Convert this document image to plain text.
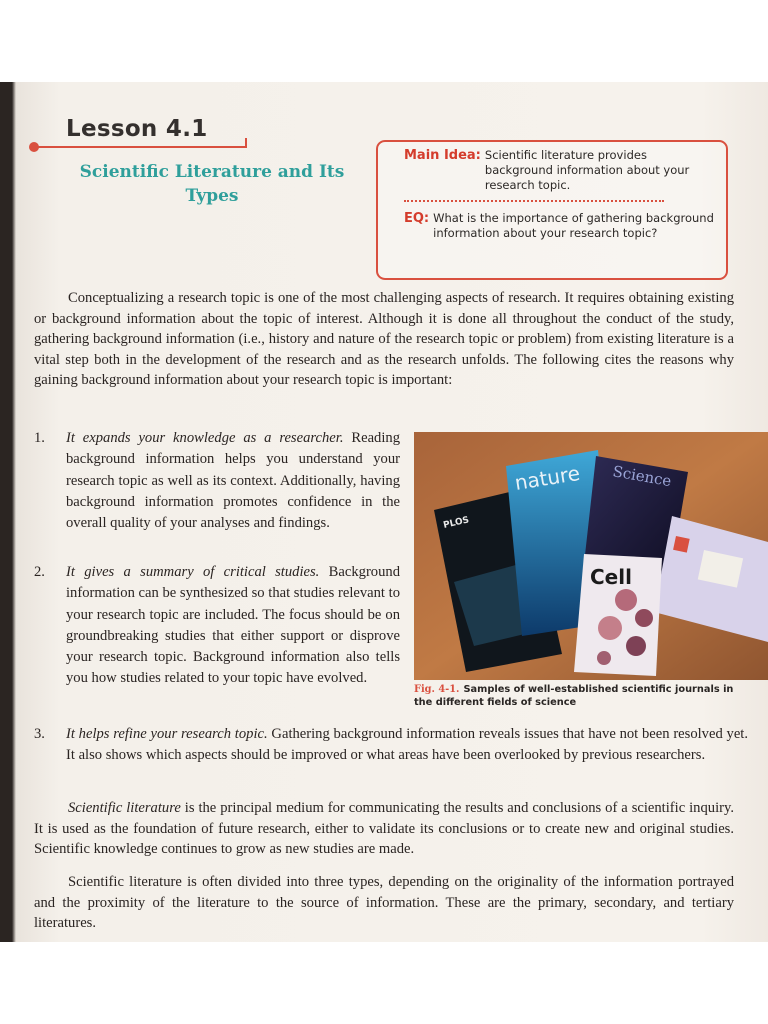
Lesson 4.1
Scientific Literature and Its Types
Main Idea: Scientific literature provides background information about your research topic.
EQ: What is the importance of gathering background information about your research topic?
Conceptualizing a research topic is one of the most challenging aspects of research. It requires obtaining existing or background information about the topic of interest. Although it is done all throughout the conduct of the study, gathering background information (i.e., history and nature of the research topic or problem) from existing literature is a vital step both in the development of the research and as the research unfolds. The following cites the reasons why gaining background information about your research topic is important:
1.	It expands your knowledge as a researcher. Reading background information helps you understand your research topic as well as its context. Additionally, having background information promotes confidence in the overall quality of your analyses and findings.
2.	It gives a summary of critical studies. Background information can be synthesized so that studies relevant to your research topic are included. The focus should be on groundbreaking studies that either support or disprove your research topic. Background information also tells you how studies related to your topic have evolved.
3.	It helps refine your research topic. Gathering background information reveals issues that have not been resolved yet. It also shows which aspects should be improved or what areas have been overlooked by previous researchers.
PLOS
nature Science
Cell
Fig. 4-1. Samples of well-established scientific journals in the different fields of science
Scientific literature is the principal medium for communicating the results and conclusions of a scientific inquiry. It is used as the foundation of future research, either to validate its conclusions or to create new and original studies. Scientific knowledge continues to grow as new studies are made.
Scientific literature is often divided into three types, depending on the originality of the information portrayed and the proximity of the literature to the source of information. These are the primary, secondary, and tertiary literatures.
